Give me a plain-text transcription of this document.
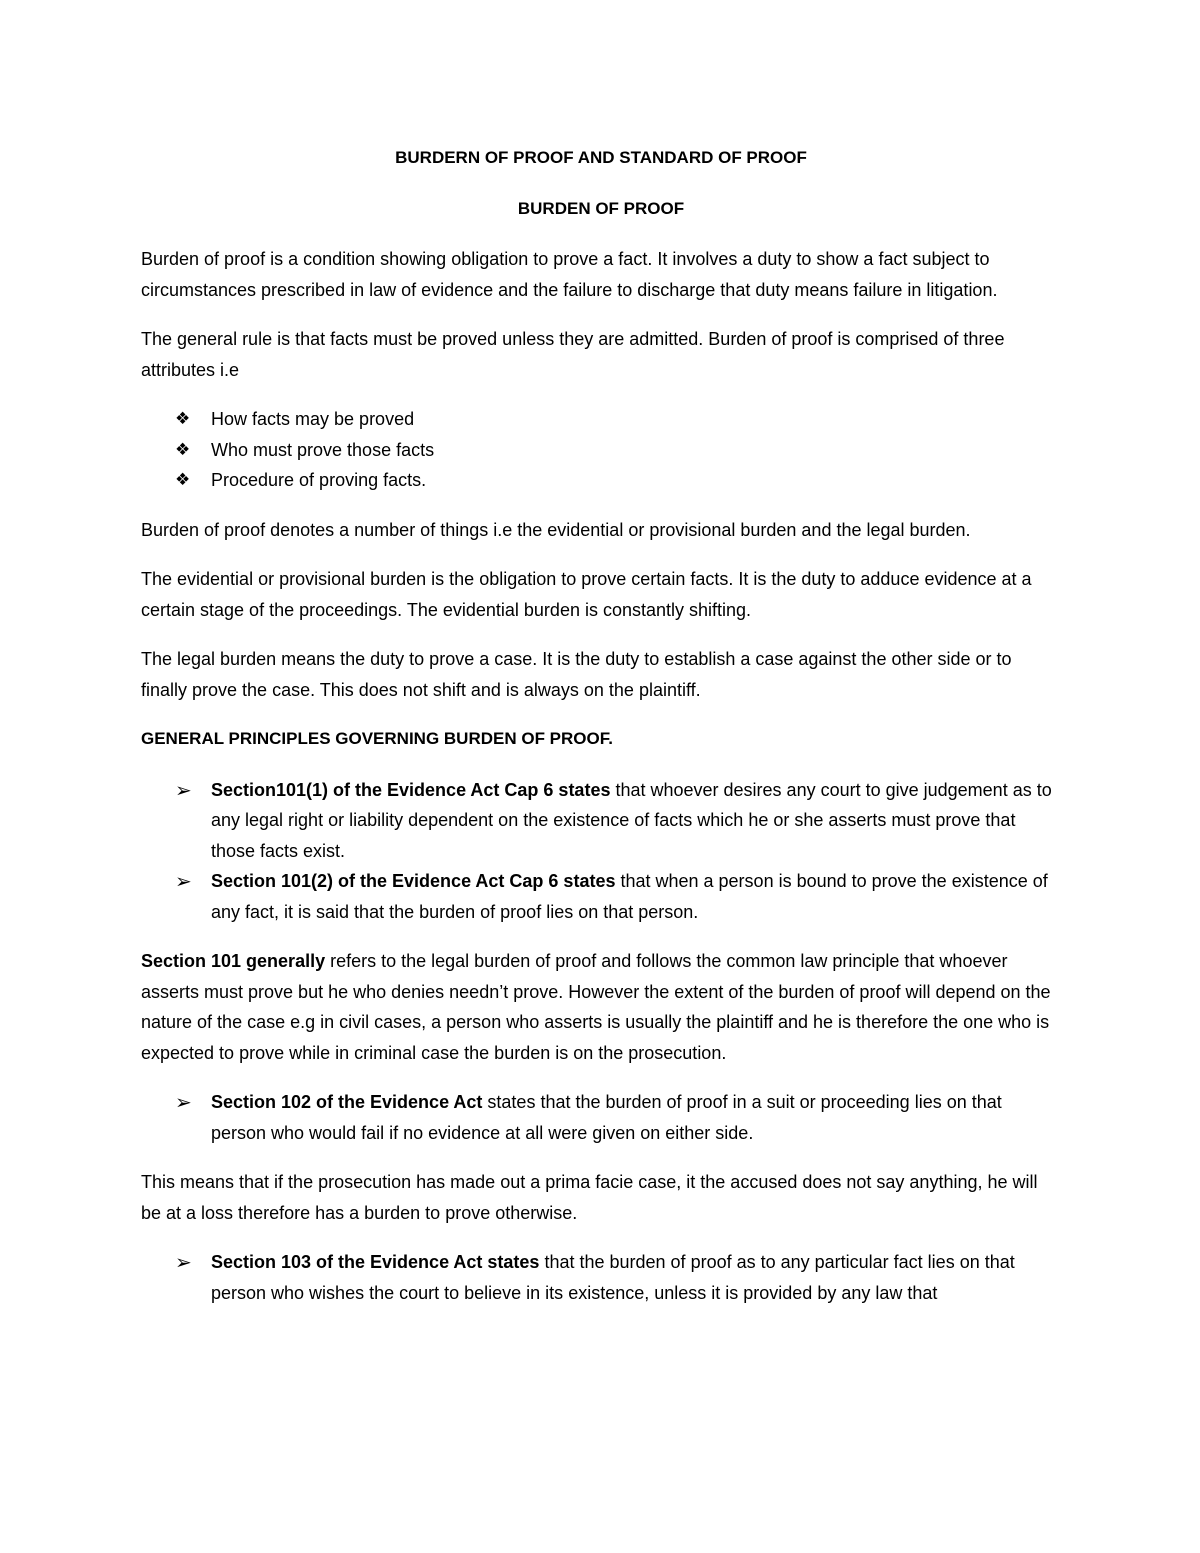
BURDERN OF PROOF AND STANDARD OF PROOF
BURDEN OF PROOF

Burden of proof is a condition showing obligation to prove a fact. It involves a duty to show a fact subject to circumstances prescribed in law of evidence and the failure to discharge that duty means failure in litigation.

The general rule is that facts must be proved unless they are admitted. Burden of proof is comprised of three attributes i.e

❖ How facts may be proved
❖ Who must prove those facts
❖ Procedure of proving facts.

Burden of proof denotes a number of things i.e the evidential or provisional burden and the legal burden.

The evidential or provisional burden is the obligation to prove certain facts. It is the duty to adduce evidence at a certain stage of the proceedings. The evidential burden is constantly shifting.

The legal burden means the duty to prove a case. It is the duty to establish a case against the other side or to finally prove the case. This does not shift and is always on the plaintiff.

GENERAL PRINCIPLES GOVERNING BURDEN OF PROOF.
➢ Section101(1) of the Evidence Act Cap 6 states that whoever desires any court to give judgement as to any legal right or liability dependent on the existence of facts which he or she asserts must prove that those facts exist.
➢ Section 101(2) of the Evidence Act Cap 6 states that when a person is bound to prove the existence of any fact, it is said that the burden of proof lies on that person.

Section 101 generally refers to the legal burden of proof and follows the common law principle that whoever asserts must prove but he who denies needn’t prove. However the extent of the burden of proof will depend on the nature of the case e.g in civil cases, a person who asserts is usually the plaintiff and he is therefore the one who is expected to prove while in criminal case the burden is on the prosecution.

➢ Section 102 of the Evidence Act states that the burden of proof in a suit or proceeding lies on that person who would fail if no evidence at all were given on either side.

This means that if the prosecution has made out a prima facie case, it the accused does not say anything, he will be at a loss therefore has a burden to prove otherwise.

➢ Section 103 of the Evidence Act states that the burden of proof as to any particular fact lies on that person who wishes the court to believe in its existence, unless it is provided by any law that
